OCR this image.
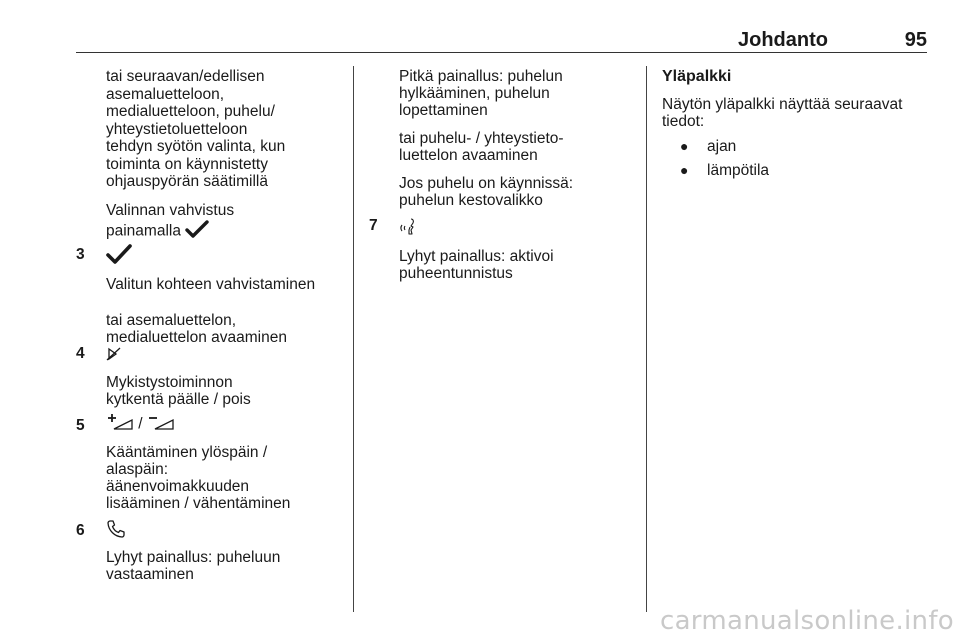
Johdanto	95

tai seuraavan/edellisen

asemaluetteloon,

medialuetteloon, puhelu/

yhteystietoluetteloon

tehdyn syötön valinta, kun

toiminta on käynnistetty

ohjauspyörän säätimillä

Valinnan vahvistus

painamalla

3

Valitun kohteen vahvistaminen

tai asemaluettelon,

medialuettelon avaaminen

4

Mykistystoiminnon

kytkentä päälle / pois

5	/

Kääntäminen ylöspäin /

alaspäin:

äänenvoimakkuuden

lisääminen / vähentäminen

6

Lyhyt painallus: puheluun

vastaaminen

Pitkä painallus: puhelun

hylkääminen, puhelun

lopettaminen

tai puhelu- / yhteystieto-

luettelon avaaminen

Jos puhelu on käynnissä:

puhelun kestovalikko

7

Lyhyt painallus: aktivoi

puheentunnistus

Yläpalkki

Näytön yläpalkki näyttää seuraavat

tiedot:

● ajan
● lämpötila
carmanualsonline.info
